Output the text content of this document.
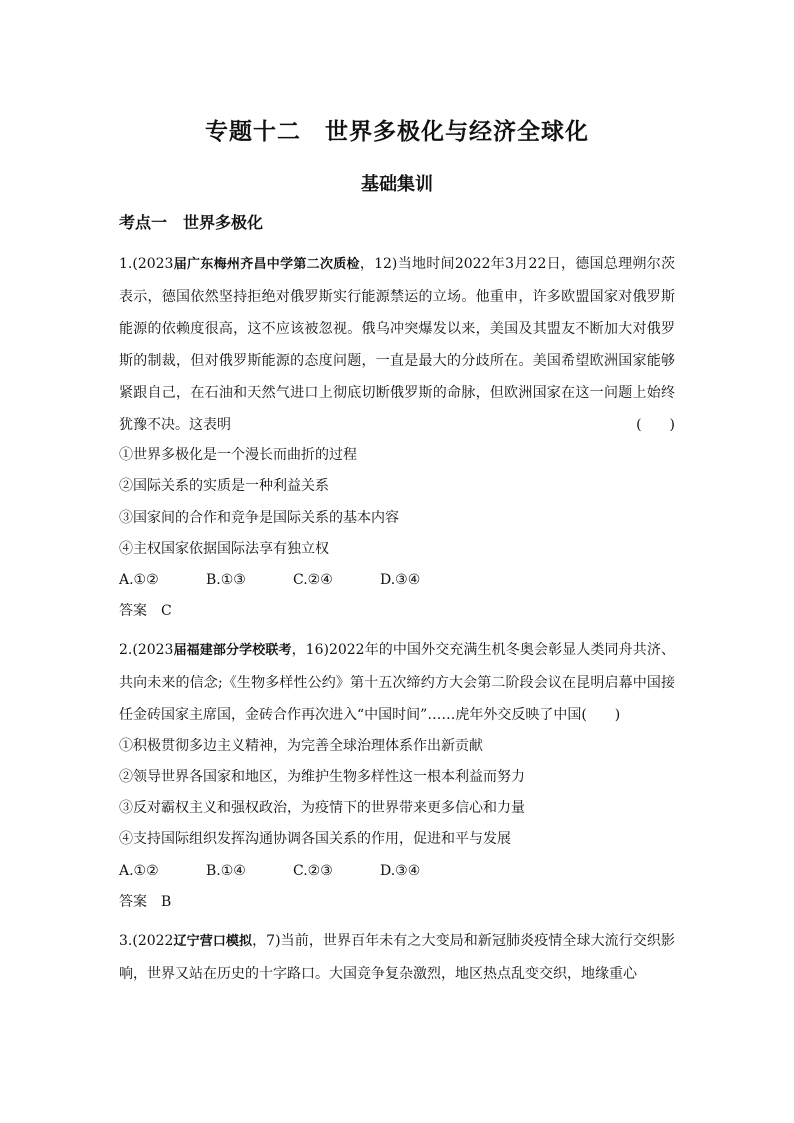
专题十二　世界多极化与经济全球化
基础集训
考点一　世界多极化
1.(2023届广东梅州齐昌中学第二次质检，12)当地时间2022年3月22日，德国总理朔尔茨表示，德国依然坚持拒绝对俄罗斯实行能源禁运的立场。他重申，许多欧盟国家对俄罗斯能源的依赖度很高，这不应该被忽视。俄乌冲突爆发以来，美国及其盟友不断加大对俄罗斯的制裁，但对俄罗斯能源的态度问题，一直是最大的分歧所在。美国希望欧洲国家能够紧跟自己，在石油和天然气进口上彻底切断俄罗斯的命脉，但欧洲国家在这一问题上始终犹豫不决。这表明	(　　)
①世界多极化是一个漫长而曲折的过程
②国际关系的实质是一种利益关系
③国家间的合作和竞争是国际关系的基本内容
④主权国家依据国际法享有独立权
A.①②	B.①③	C.②④	D.③④
答案　C
2.(2023届福建部分学校联考，16)2022年的中国外交充满生机冬奥会彰显人类同舟共济、共向未来的信念;《生物多样性公约》第十五次缔约方大会第二阶段会议在昆明启幕中国接任金砖国家主席国，金砖合作再次进入“中国时间”……虎年外交反映了中国(　　)
①积极贯彻多边主义精神，为完善全球治理体系作出新贡献
②领导世界各国家和地区，为维护生物多样性这一根本利益而努力
③反对霸权主义和强权政治，为疫情下的世界带来更多信心和力量
④支持国际组织发挥沟通协调各国关系的作用，促进和平与发展
A.①②	B.①④	C.②③	D.③④
答案　B
3.(2022辽宁营口模拟，7)当前，世界百年未有之大变局和新冠肺炎疫情全球大流行交织影响，世界又站在历史的十字路口。大国竞争复杂激烈，地区热点乱变交织，地缘重心
